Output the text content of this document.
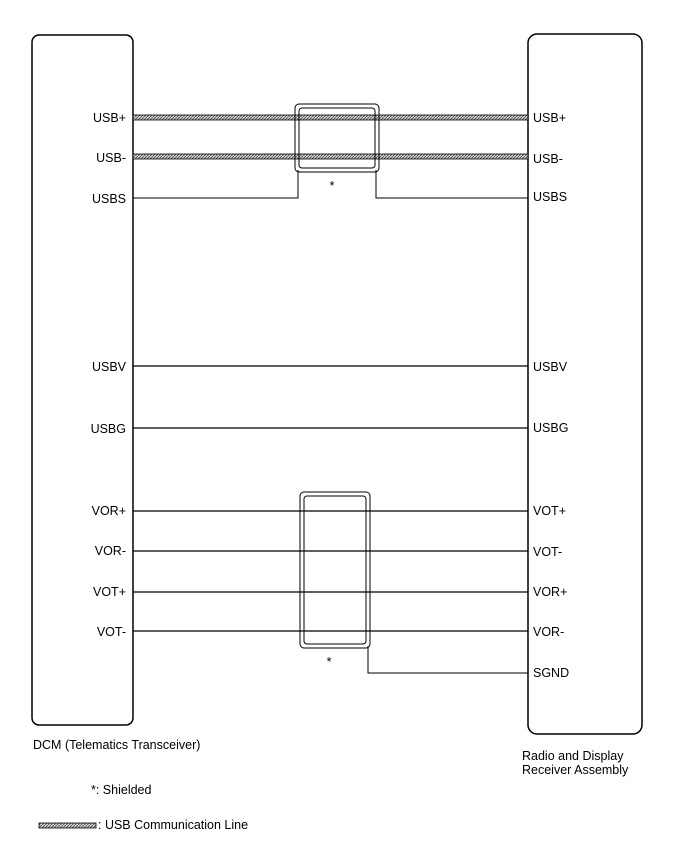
*
*
USB+
USB-
USBS
USBV
USBG
VOR+
VOR-
VOT+
VOT-
USB+
USB-
USBS
USBV
USBG
VOT+
VOT-
VOR+
VOR-
SGND
DCM (Telematics Transceiver)
Radio and Display
Receiver Assembly
*: Shielded
: USB Communication Line
